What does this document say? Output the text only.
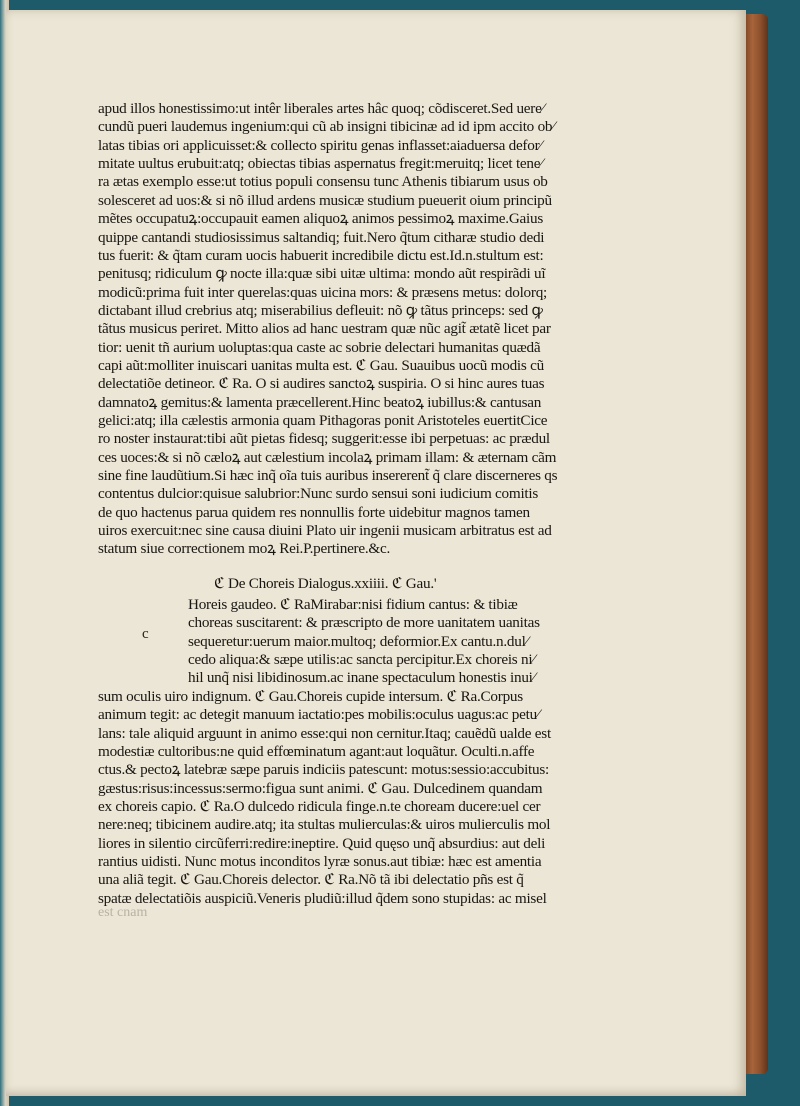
apud illos honestissimo:ut intêr liberales artes hâc quoq; cõdisceret.Sed uere⁄
cundũ pueri laudemus ingenium:qui cũ ab insigni tibicinæ ad id ipm accito ob⁄
latas tibias ori applicuisset:& collecto spiritu genas inflasset:aiaduersa defor⁄
mitate uultus erubuit:atq; obiectas tibias aspernatus fregit:meruitq; licet tene⁄
ra ætas exemplo esse:ut totius populi consensu tunc Athenis tibiarum usus ob
solesceret ad uos:& si nõ illud ardens musicæ studium pueuerit oium principũ
mẽtes occupatuꝝ:occupauit eamen aliquoꝝ animos pessimoꝝ maxime.Gaius
quippe cantandi studiosissimus saltandiq; fuit.Nero q̃tum citharæ studio dedi
tus fuerit: & q̃tam curam uocis habuerit incredibile dictu est.Id.n.stultum est:
penitusq; ridiculum ꝙ nocte illa:quæ sibi uitæ ultima: mondo aũt respirãdi uĩ
modicũ:prima fuit inter querelas:quas uicina mors: & præsens metus: dolorq;
dictabant illud crebrius atq; miserabilius defleuit: nõ ꝙ tãtus princeps: sed ꝙ
tãtus musicus periret. Mitto alios ad hanc uestram quæ nũc agit̃ ætatẽ licet par
tior: uenit tñ aurium uoluptas:qua caste ac sobrie delectari humanitas quædã
capi aũt:molliter inuiscari uanitas multa est. ℭ Gau. Suauibus uocũ modis cũ
delectatiõe detineor. ℭ Ra. O si audires sanctoꝝ suspiria. O si hinc aures tuas
damnatoꝝ gemitus:& lamenta præcellerent.Hinc beatoꝝ iubillus:& cantusan
gelici:atq; illa cælestis armonia quam Pithagoras ponit Aristoteles euertitCice
ro noster instaurat:tibi aũt pietas fidesq; suggerit:esse ibi perpetuas: ac prædul
ces uoces:& si nõ cæloꝝ aut cælestium incolaꝝ primam illam: & æternam cãm
sine fine laudũtium.Si hæc inq̃ oĩa tuis auribus insererent̃ q̃ clare discerneres qs
contentus dulcior:quisue salubrior:Nunc surdo sensui soni iudicium comitis
de quo hactenus parua quidem res nonnullis forte uidebitur magnos tamen
uiros exercuit:nec sine causa diuini Plato uir ingenii musicam arbitratus est ad
statum siue correctionem moꝝ Rei.P.pertinere.&c.
ℭ De Choreis Dialogus.xxiiii. ℭ Gau.'
Horeis gaudeo. ℭ RaMirabar:nisi fidium cantus: & tibiæ
choreas suscitarent: & præscripto de more uanitatem uanitas
sequeretur:uerum maior.multoq; deformior.Ex cantu.n.dul⁄
cedo aliqua:& sæpe utilis:ac sancta percipitur.Ex choreis ni⁄
hil unq̃ nisi libidinosum.ac inane spectaculum honestis inui⁄
sum oculis uiro indignum. ℭ Gau.Choreis cupide intersum. ℭ Ra.Corpus
animum tegit: ac detegit manuum iactatio:pes mobilis:oculus uagus:ac petu⁄
lans: tale aliquid arguunt in animo esse:qui non cernitur.Itaq; cauẽdũ ualde est
modestiæ cultoribus:ne quid effœminatum agant:aut loquãtur. Oculti.n.affe
ctus.& pectoꝝ latebræ sæpe paruis indiciis patescunt: motus:sessio:accubitus:
gæstus:risus:incessus:sermo:figua sunt animi. ℭ Gau. Dulcedinem quandam
ex choreis capio. ℭ Ra.O dulcedo ridicula finge.n.te choream ducere:uel cer
nere:neq; tibicinem audire.atq; ita stultas mulierculas:& uiros mulierculis mol
liores in silentio circũferri:redire:ineptire. Quid quęso unq̃ absurdius: aut deli
rantius uidisti. Nunc motus inconditos lyræ sonus.aut tibiæ: hæc est amentia
una aliã tegit. ℭ Gau.Choreis delector. ℭ Ra.Nõ tã ibi delectatio pñs est q̃
spatæ delectatiõis auspiciũ.Veneris pludiũ:illud q̃dem sono stupidas: ac misel
c
est cnam
